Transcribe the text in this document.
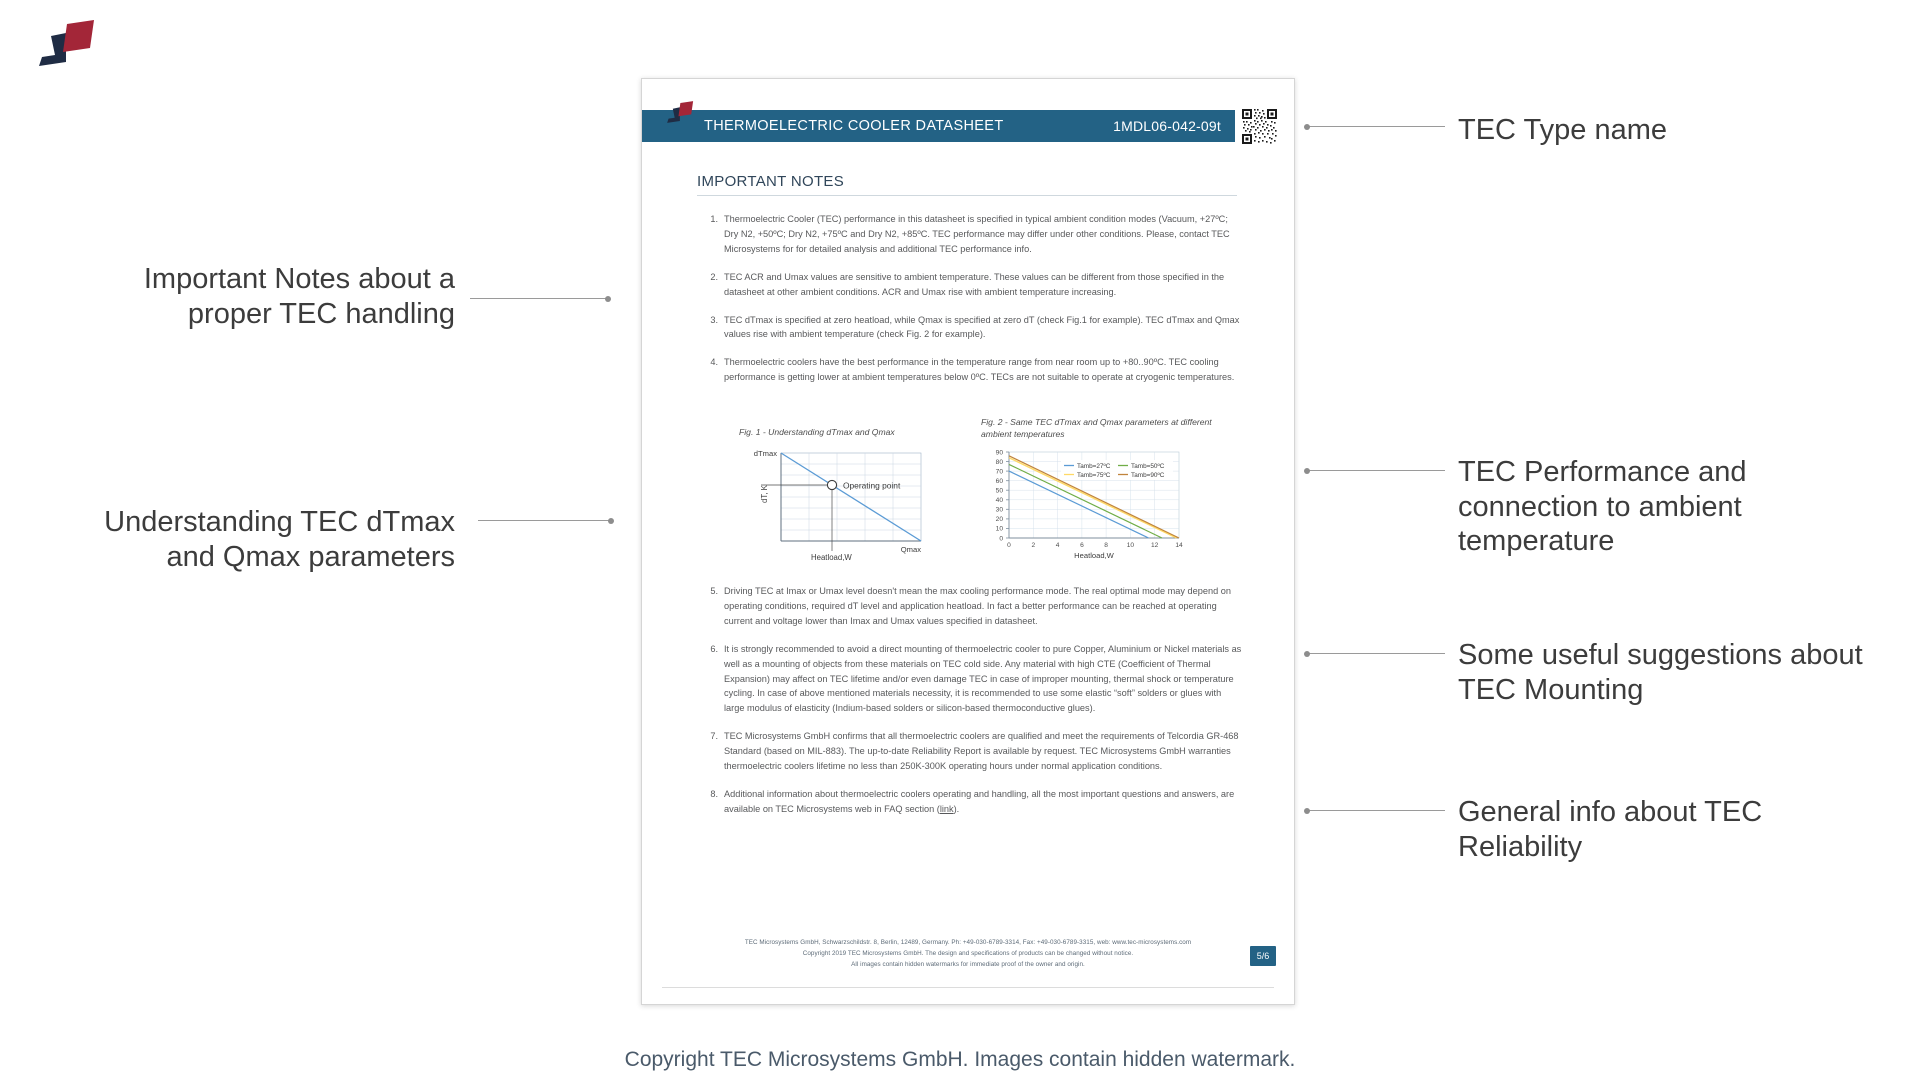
Important Notes about a proper TEC handling
Understanding TEC dTmax and Qmax parameters
TEC Type name
TEC Performance and connection to ambient temperature
Some useful suggestions about TEC Mounting
General info about TEC Reliability
THERMOELECTRIC COOLER DATASHEET	1MDL06-042-09t
IMPORTANT NOTES
1. Thermoelectric Cooler (TEC) performance in this datasheet is specified in typical ambient condition modes (Vacuum, +27ºC; Dry N2, +50ºC; Dry N2, +75ºC and Dry N2, +85ºC. TEC performance may differ under other conditions. Please, contact TEC Microsystems for for detailed analysis and additional TEC performance info.
2. TEC ACR and Umax values are sensitive to ambient temperature. These values can be different from those specified in the datasheet at other ambient conditions. ACR and Umax rise with ambient temperature increasing.
3. TEC dTmax is specified at zero heatload, while Qmax is specified at zero dT (check Fig.1 for example). TEC dTmax and Qmax values rise with ambient temperature (check Fig. 2 for example).
4. Thermoelectric coolers have the best performance in the temperature range from near room up to +80..90ºC. TEC cooling performance is getting lower at ambient temperatures below 0ºC. TECs are not suitable to operate at cryogenic temperatures.
Fig. 1 - Understanding dTmax and Qmax
Operating point
dTmax
Qmax
dT, K
Heatload,W
Fig. 2 - Same TEC dTmax and Qmax parameters at different ambient temperatures
90
80
70
60
50
40
30
20
10
0
0	2	4	6	8	10	12	14
Tamb=27ºC	Tamb=50ºC
Tamb=75ºC	Tamb=90ºC
Heatload,W
5. Driving TEC at Imax or Umax level doesn't mean the max cooling performance mode. The real optimal mode may depend on operating conditions, required dT level and application heatload. In fact a better performance can be reached at operating current and voltage lower than Imax and Umax values specified in datasheet.
6. It is strongly recommended to avoid a direct mounting of thermoelectric cooler to pure Copper, Aluminium or Nickel materials as well as a mounting of objects from these materials on TEC cold side. Any material with high CTE (Coefficient of Thermal Expansion) may affect on TEC lifetime and/or even damage TEC in case of improper mounting, thermal shock or temperature cycling. In case of above mentioned materials necessity, it is recommended to use some elastic “soft” solders or glues with large modulus of elasticity (Indium-based solders or silicon-based thermoconductive glues).
7. TEC Microsystems GmbH confirms that all thermoelectric coolers are qualified and meet the requirements of Telcordia GR-468 Standard (based on MIL-883). The up-to-date Reliability Report is available by request. TEC Microsystems GmbH warranties thermoelectric coolers lifetime no less than 250K-300K operating hours under normal application conditions.
8. Additional information about thermoelectric coolers operating and handling, all the most important questions and answers, are available on TEC Microsystems web in FAQ section (link).
TEC Microsystems GmbH, Schwarzschildstr. 8, Berlin, 12489, Germany. Ph: +49-030-6789-3314, Fax: +49-030-6789-3315, web: www.tec-microsystems.com
Copyright 2019 TEC Microsystems GmbH. The design and specifications of products can be changed without notice.
All images contain hidden watermarks for immediate proof of the owner and origin.
5/6
Copyright TEC Microsystems GmbH. Images contain hidden watermark.
